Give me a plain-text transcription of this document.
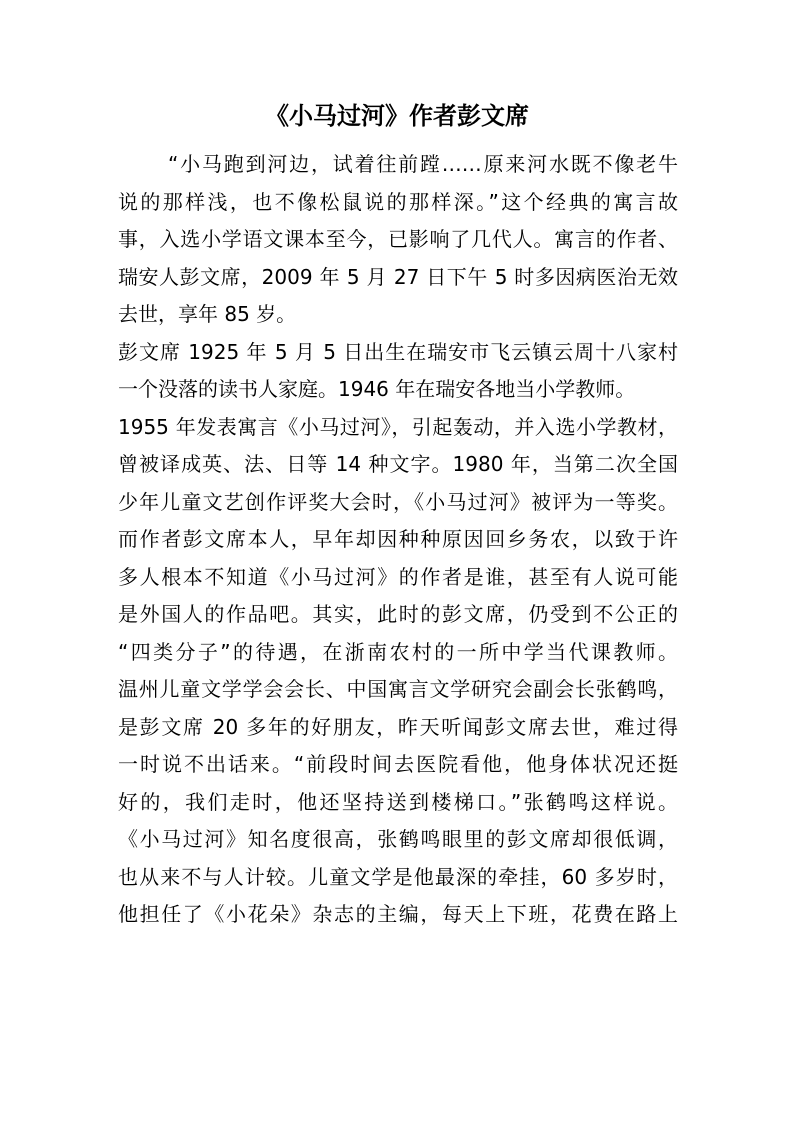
《小马过河》作者彭文席
“小马跑到河边，试着往前蹚……原来河水既不像老牛
说的那样浅，也不像松鼠说的那样深。”这个经典的寓言故
事，入选小学语文课本至今，已影响了几代人。寓言的作者、
瑞安人彭文席，2009 年 5 月 27 日下午 5 时多因病医治无效
去世，享年 85 岁。
彭文席 1925 年 5 月 5 日出生在瑞安市飞云镇云周十八家村
一个没落的读书人家庭。1946 年在瑞安各地当小学教师。
1955 年发表寓言《小马过河》，引起轰动，并入选小学教材，
曾被译成英、法、日等 14 种文字。1980 年，当第二次全国
少年儿童文艺创作评奖大会时，《小马过河》被评为一等奖。
而作者彭文席本人，早年却因种种原因回乡务农，以致于许
多人根本不知道《小马过河》的作者是谁，甚至有人说可能
是外国人的作品吧。其实，此时的彭文席，仍受到不公正的
“四类分子”的待遇，在浙南农村的一所中学当代课教师。
温州儿童文学学会会长、中国寓言文学研究会副会长张鹤鸣，
是彭文席 20 多年的好朋友，昨天听闻彭文席去世，难过得
一时说不出话来。“前段时间去医院看他，他身体状况还挺
好的，我们走时，他还坚持送到楼梯口。”张鹤鸣这样说。
《小马过河》知名度很高，张鹤鸣眼里的彭文席却很低调，
也从来不与人计较。儿童文学是他最深的牵挂，60 多岁时，
他担任了《小花朵》杂志的主编，每天上下班，花费在路上
